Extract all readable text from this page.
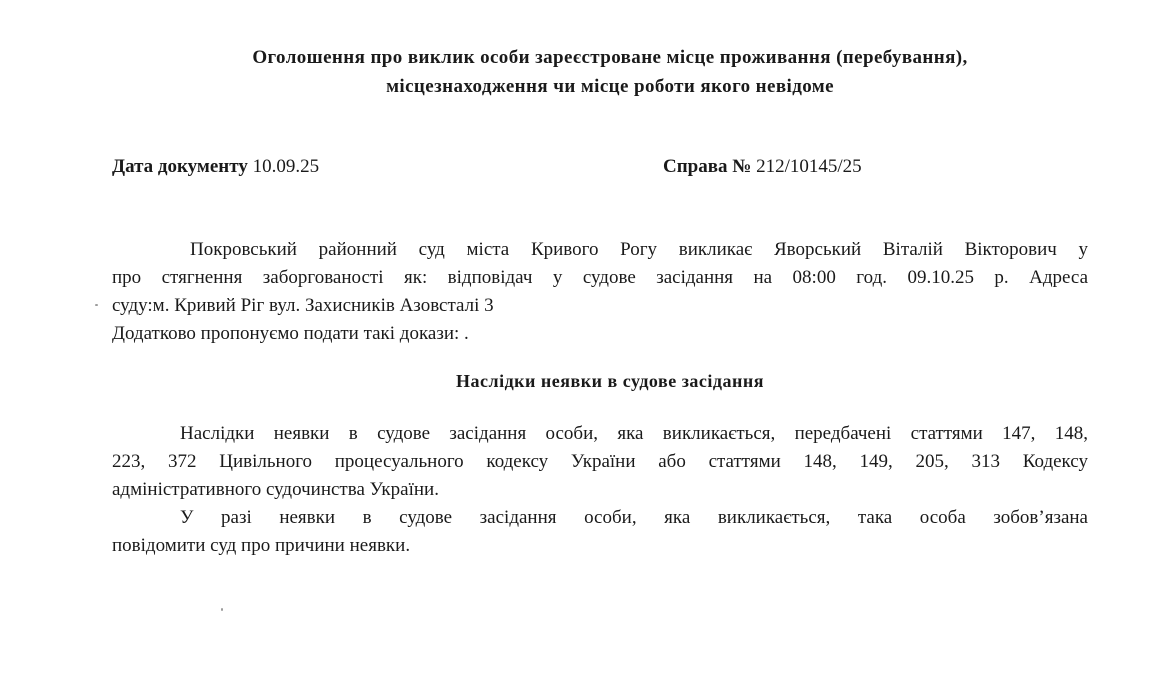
Оголошення про виклик особи зареєстроване місце проживання (перебування),
місцезнаходження чи місце роботи якого невідоме
Дата документу 10.09.25	Справа № 212/10145/25
Покровський районний суд міста Кривого Рогу викликає Яворський Віталій Вікторович у
про стягнення заборгованості як: відповідач у судове засідання на 08:00 год. 09.10.25 р. Адреса
суду:м. Кривий Ріг вул. Захисників Азовсталі 3
Додатково пропонуємо подати такі докази: .
Наслідки неявки в судове засідання
Наслідки неявки в судове засідання особи, яка викликається, передбачені статтями 147, 148,
223, 372 Цивільного процесуального кодексу України або статтями 148, 149, 205, 313 Кодексу
адміністративного судочинства України.
У разі неявки в судове засідання особи, яка викликається, така особа зобов’язана
повідомити суд про причини неявки.
